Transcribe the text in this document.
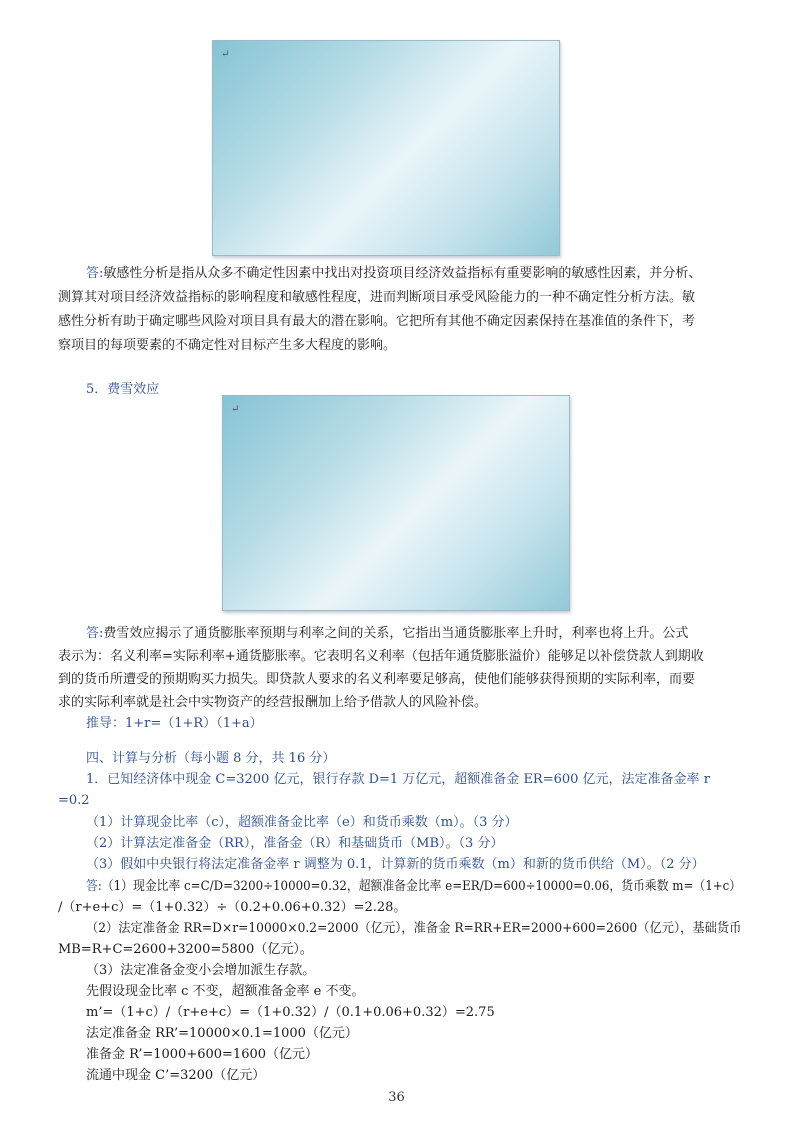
↵
答:敏感性分析是指从众多不确定性因素中找出对投资项目经济效益指标有重要影响的敏感性因素，并分析、
测算其对项目经济效益指标的影响程度和敏感性程度，进而判断项目承受风险能力的一种不确定性分析方法。敏
感性分析有助于确定哪些风险对项目具有最大的潜在影响。它把所有其他不确定因素保持在基准值的条件下，考
察项目的每项要素的不确定性对目标产生多大程度的影响。
5．费雪效应
↵
答:费雪效应揭示了通货膨胀率预期与利率之间的关系，它指出当通货膨胀率上升时，利率也将上升。公式
表示为：名义利率=实际利率+通货膨胀率。它表明名义利率（包括年通货膨胀溢价）能够足以补偿贷款人到期收
到的货币所遭受的预期购买力损失。即贷款人要求的名义利率要足够高，使他们能够获得预期的实际利率，而要
求的实际利率就是社会中实物资产的经营报酬加上给予借款人的风险补偿。
推导：1+r=（1+R）（1+a）
四、计算与分析（每小题 8 分，共 16 分）
1．已知经济体中现金 C=3200 亿元，银行存款 D=1 万亿元，超额准备金 ER=600 亿元，法定准备金率 r
=0.2
（1）计算现金比率（c），超额准备金比率（e）和货币乘数（m）。（3 分）
（2）计算法定准备金（RR），准备金（R）和基础货币（MB）。（3 分）
（3）假如中央银行将法定准备金率 r 调整为 0.1，计算新的货币乘数（m）和新的货币供给（M）。（2 分）
答:（1）现金比率 c=C/D=3200÷10000=0.32，超额准备金比率 e=ER/D=600÷10000=0.06，货币乘数 m=（1+c）
/（r+e+c）=（1+0.32）÷（0.2+0.06+0.32）=2.28。
（2）法定准备金 RR=D×r=10000×0.2=2000（亿元），准备金 R=RR+ER=2000+600=2600（亿元），基础货币
MB=R+C=2600+3200=5800（亿元）。
（3）法定准备金变小会增加派生存款。
先假设现金比率 c 不变，超额准备金率 e 不变。
m’=（1+c）/（r+e+c）=（1+0.32）/（0.1+0.06+0.32）=2.75
法定准备金 RR’=10000×0.1=1000（亿元）
准备金 R’=1000+600=1600（亿元）
流通中现金 C’=3200（亿元）
36
